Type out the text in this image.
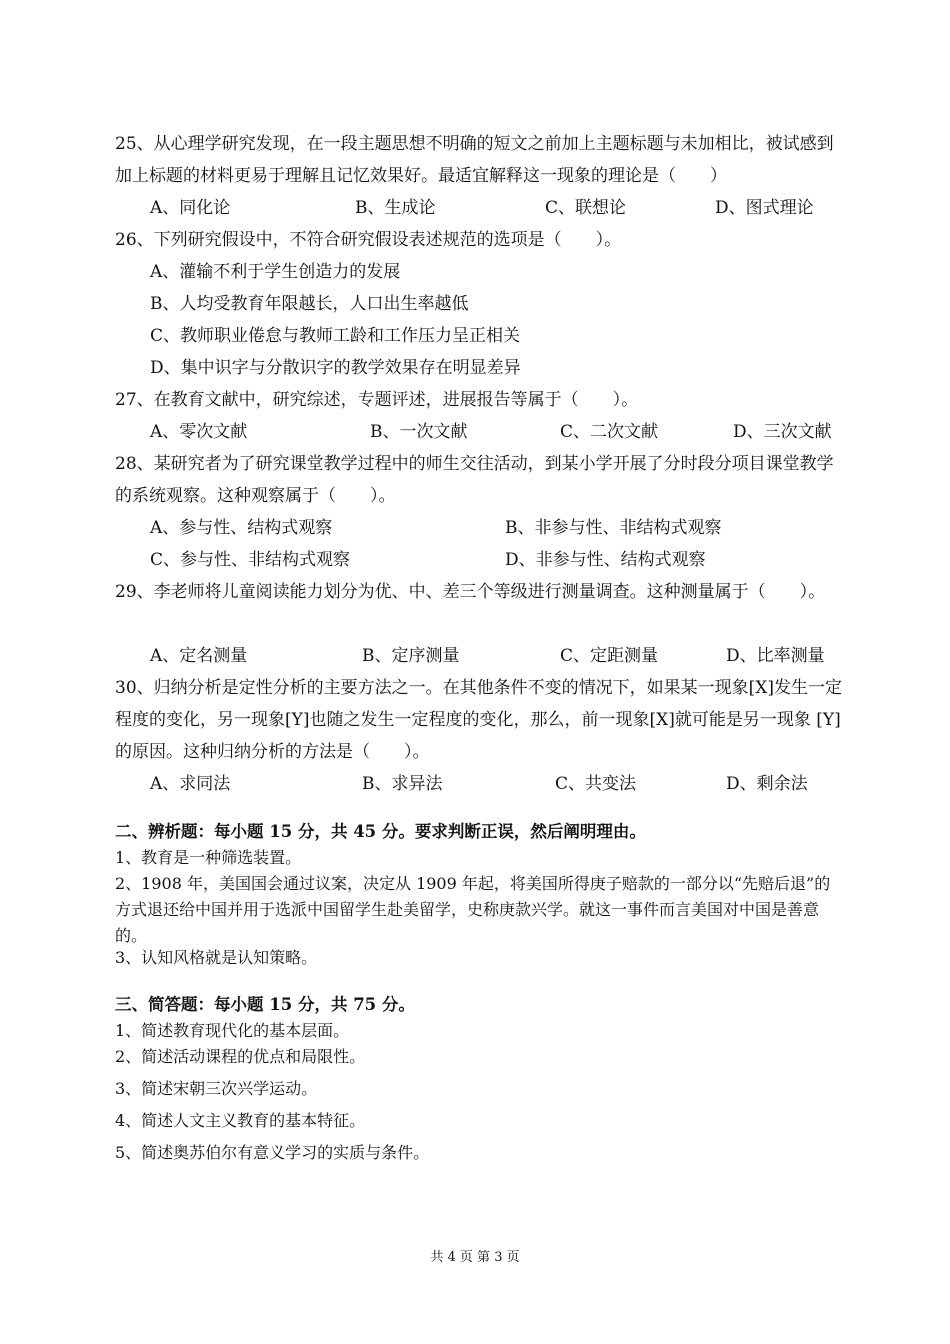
25、从心理学研究发现，在一段主题思想不明确的短文之前加上主题标题与未加相比，被试感到加上标题的材料更易于理解且记忆效果好。最适宜解释这一现象的理论是（　　）

A、同化论	B、生成论	C、联想论	D、图式理论

26、下列研究假设中，不符合研究假设表述规范的选项是（　　）。

A、灌输不利于学生创造力的发展
B、人均受教育年限越长，人口出生率越低
C、教师职业倦怠与教师工龄和工作压力呈正相关
D、集中识字与分散识字的教学效果存在明显差异

27、在教育文献中，研究综述，专题评述，进展报告等属于（　　）。

A、零次文献	B、一次文献	C、二次文献	D、三次文献

28、某研究者为了研究课堂教学过程中的师生交往活动，到某小学开展了分时段分项目课堂教学的系统观察。这种观察属于（　　）。

A、参与性、结构式观察	B、非参与性、非结构式观察
C、参与性、非结构式观察	D、非参与性、结构式观察

29、李老师将儿童阅读能力划分为优、中、差三个等级进行测量调查。这种测量属于（　　）。

A、定名测量	B、定序测量	C、定距测量	D、比率测量

30、归纳分析是定性分析的主要方法之一。在其他条件不变的情况下，如果某一现象[X]发生一定程度的变化，另一现象[Y]也随之发生一定程度的变化，那么，前一现象[X]就可能是另一现象 [Y] 的原因。这种归纳分析的方法是（　　）。

A、求同法	B、求异法	C、共变法	D、剩余法
二、辨析题：每小题 15 分，共 45 分。要求判断正误，然后阐明理由。
1、教育是一种筛选装置。
2、1908 年，美国国会通过议案，决定从 1909 年起，将美国所得庚子赔款的一部分以“先赔后退”的方式退还给中国并用于选派中国留学生赴美留学，史称庚款兴学。就这一事件而言美国对中国是善意的。
3、认知风格就是认知策略。
三、简答题：每小题 15 分，共 75 分。
1、简述教育现代化的基本层面。
2、简述活动课程的优点和局限性。
3、简述宋朝三次兴学运动。
4、简述人文主义教育的基本特征。
5、简述奥苏伯尔有意义学习的实质与条件。
共 4 页 第 3 页
